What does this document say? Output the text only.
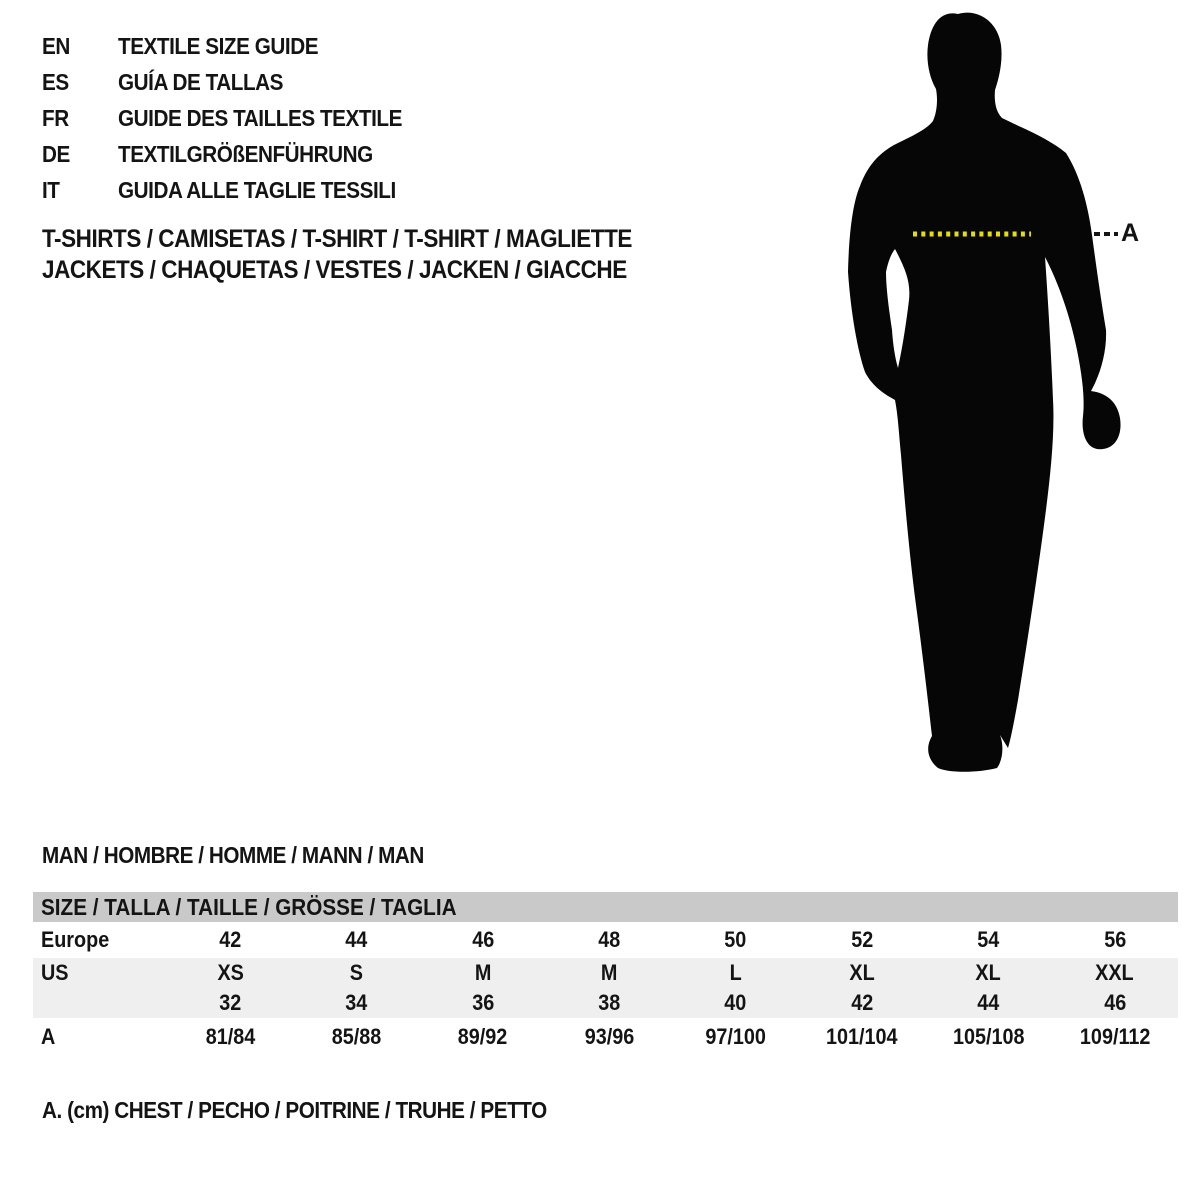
EN	TEXTILE SIZE GUIDE
ES	GUÍA DE TALLAS
FR	GUIDE DES TAILLES TEXTILE
DE	TEXTILGRÖßENFÜHRUNG
IT	GUIDA ALLE TAGLIE TESSILI
T-SHIRTS / CAMISETAS / T-SHIRT / T-SHIRT / MAGLIETTE
JACKETS / CHAQUETAS / VESTES / JACKEN / GIACCHE
A
MAN / HOMBRE / HOMME / MANN / MAN
SIZE / TALLA / TAILLE / GRÖSSE / TAGLIA
Europe	42	44	46	48	50	52	54	56
US	XS	S	M	M	L	XL	XL	XXL
32	34	36	38	40	42	44	46
A	81/84	85/88	89/92	93/96	97/100	101/104	105/108	109/112
A. (cm) CHEST / PECHO / POITRINE / TRUHE / PETTO
